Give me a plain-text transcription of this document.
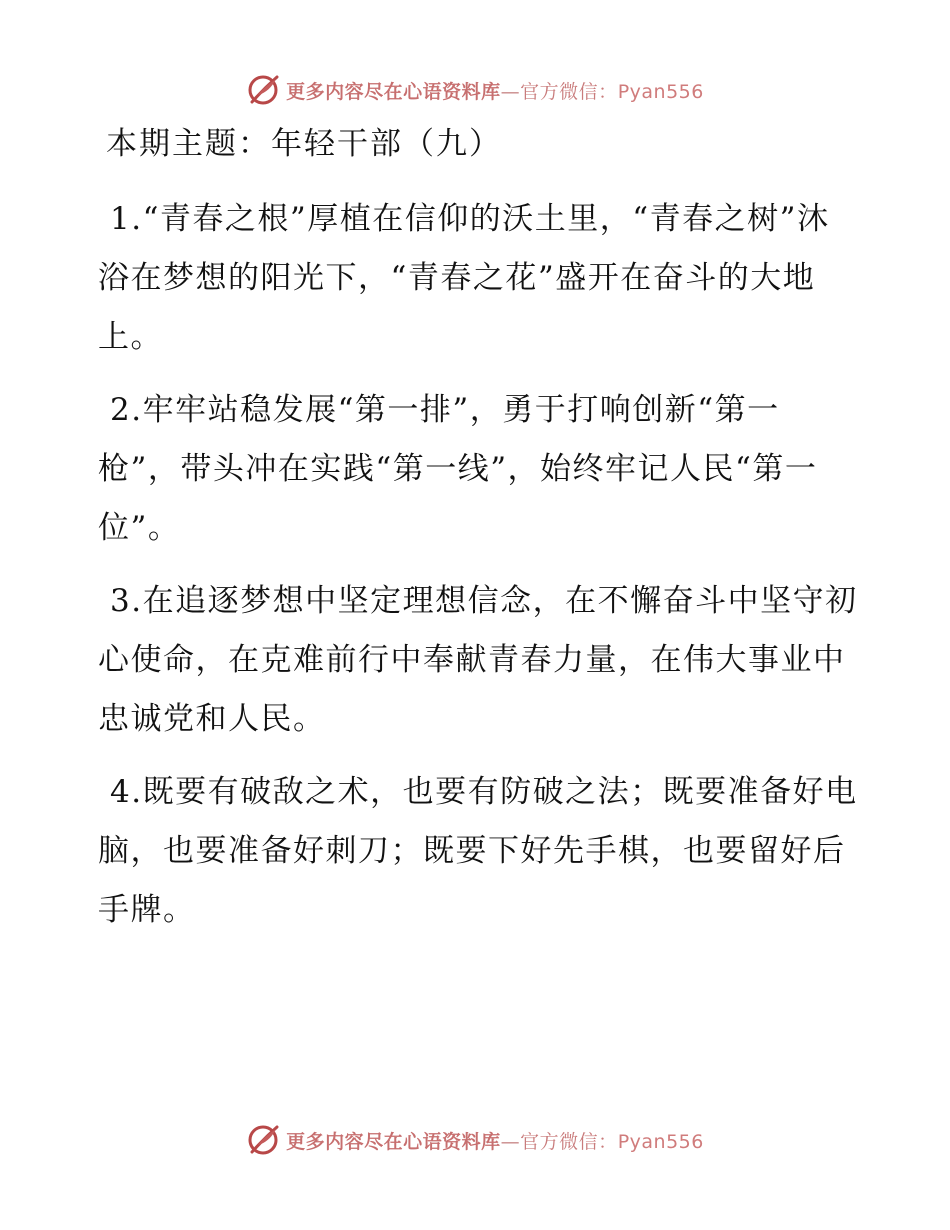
更多内容尽在心语资料库—官方微信：Pyan556
本期主题：年轻干部（九）

1.“青春之根”厚植在信仰的沃土里，“青春之树”沐浴在梦想的阳光下，“青春之花”盛开在奋斗的大地上。

2.牢牢站稳发展“第一排”，勇于打响创新“第一枪”，带头冲在实践“第一线”，始终牢记人民“第一位”。

3.在追逐梦想中坚定理想信念，在不懈奋斗中坚守初心使命，在克难前行中奉献青春力量，在伟大事业中忠诚党和人民。

4.既要有破敌之术，也要有防破之法；既要准备好电脑，也要准备好刺刀；既要下好先手棋，也要留好后手牌。

更多内容尽在心语资料库—官方微信：Pyan556
